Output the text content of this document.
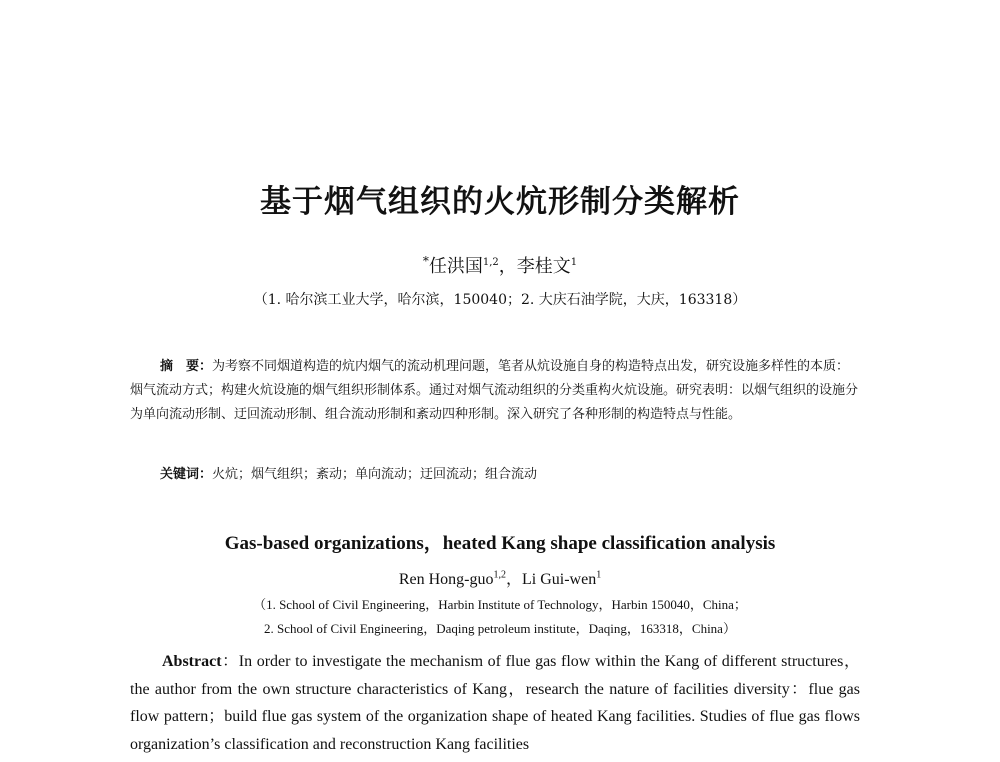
基于烟气组织的火炕形制分类解析
*任洪国$^{1,2}$，李桂文$^1$
（1. 哈尔滨工业大学，哈尔滨，150040；2. 大庆石油学院，大庆，163318）
摘　要：为考察不同烟道构造的炕内烟气的流动机理问题，笔者从炕设施自身的构造特点出发，研究设施多样性的本质：烟气流动方式；构建火炕设施的烟气组织形制体系。通过对烟气流动组织的分类重构火炕设施。研究表明：以烟气组织的设施分为单向流动形制、迂回流动形制、组合流动形制和紊动四种形制。深入研究了各种形制的构造特点与性能。
关键词：火炕；烟气组织；紊动；单向流动；迂回流动；组合流动
Gas-based organizations，heated Kang shape classification analysis
Ren Hong-guo$^{1,2}$，Li Gui-wen$^1$
（1. School of Civil Engineering，Harbin Institute of Technology，Harbin 150040，China；
2. School of Civil Engineering，Daqing petroleum institute，Daqing，163318，China）
Abstract：In order to investigate the mechanism of flue gas flow within the Kang of different structures，the author from the own structure characteristics of Kang，research the nature of facilities diversity：flue gas flow pattern；build flue gas system of the organization shape of heated Kang facilities. Studies of flue gas flows organization’s classification and reconstruction Kang facilities
